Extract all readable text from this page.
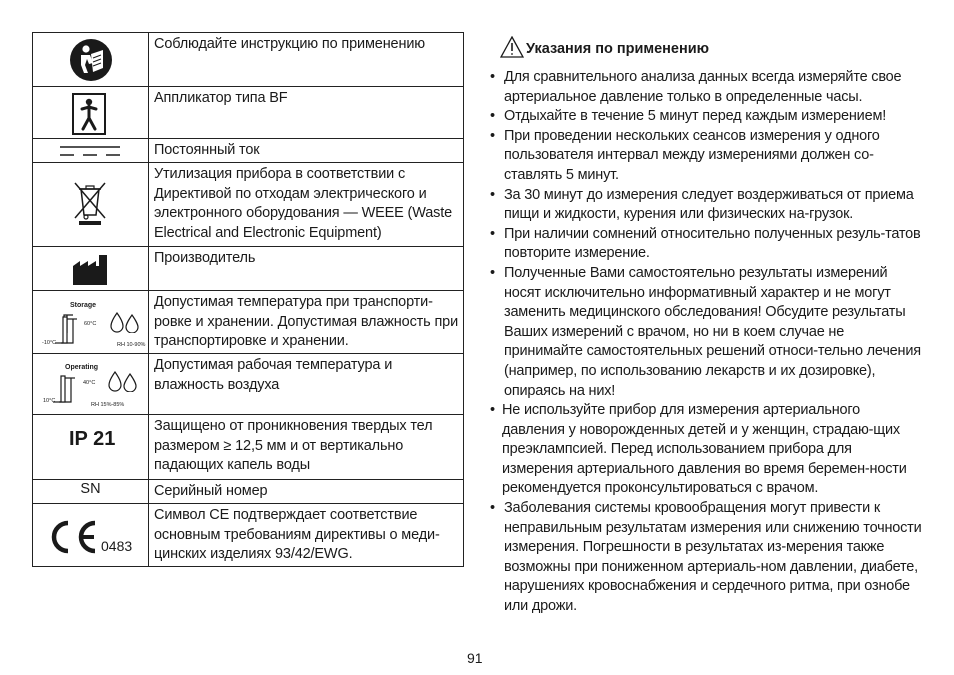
	Соблюдайте инструкцию по применению

	Аппликатор типа BF

	Постоянный ток

	Утилизация прибора в соответствии с Директивой по отходам электрического и электронного оборудования — WEEE (Waste Electrical and Electronic Equipment)

	Производитель

Storage
-10°C
60°C
RH 10-90%	Допустимая температура при транспорти-ровке и хранении. Допустимая влажность при транспортировке и хранении.

Operating
10°C
40°C
RH 15%-85%	Допустимая рабочая температура и влажность воздуха

IP 21	Защищено от проникновения твердых тел размером ≥ 12,5 мм и от вертикально падающих капель воды
SN	Серийный номер

0483	Символ CE подтверждает соответствие основным требованиям директивы о меди-цинских изделиях 93/42/EWG.
Указания по применению
• Для сравнительного анализа данных всегда измеряйте свое артериальное давление только в определенные часы.
• Отдыхайте в течение 5 минут перед каждым измерением!
• При проведении нескольких сеансов измерения у одного пользователя интервал между измерениями должен со-ставлять 5 минут.
• За 30 минут до измерения следует воздерживаться от приема пищи и жидкости, курения или физических на-грузок.
• При наличии сомнений относительно полученных резуль-татов повторите измерение.
• Полученные Вами самостоятельно результаты измерений носят исключительно информативный характер и не могут заменить медицинского обследования! Обсудите результаты Ваших измерений с врачом, но ни в коем случае не принимайте самостоятельных решений относи-тельно лечения (например, по использованию лекарств и их дозировке), опираясь на них!
• Не используйте прибор для измерения артериального давления у новорожденных детей и у женщин, страдаю-щих преэклампсией. Перед использованием прибора для измерения артериального давления во время беремен-ности рекомендуется проконсультироваться с врачом.
• Заболевания системы кровообращения могут привести к неправильным результатам измерения или снижению точности измерения. Погрешности в результатах из-мерения также возможны при пониженном артериаль-ном давлении, диабете, нарушениях кровоснабжения и сердечного ритма, при ознобе или дрожи.
91
